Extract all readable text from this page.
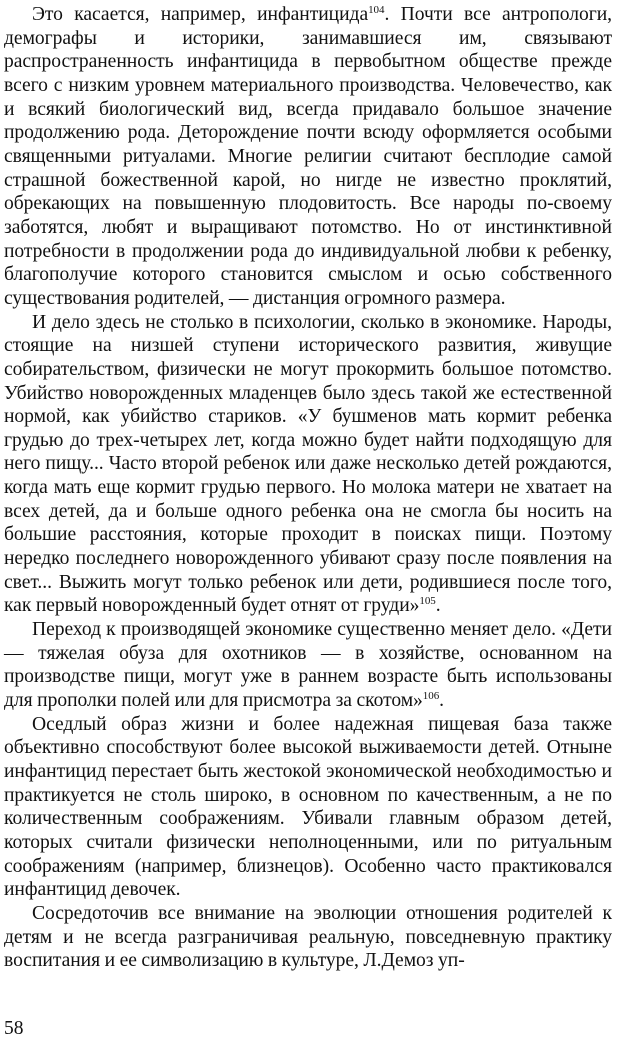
Это касается, например, инфантицида$^{104}$. Почти все антропологи, демографы и историки, занимавшиеся им, связывают распространенность инфантицида в первобытном обществе прежде всего с низким уровнем материального производства. Человечество, как и всякий биологический вид, всегда придавало большое значение продолжению рода. Деторождение почти всюду оформляется особыми священными ритуалами. Многие религии считают бесплодие самой страшной божественной карой, но нигде не известно проклятий, обрекающих на повышенную плодовитость. Все народы по-своему заботятся, любят и выращивают потомство. Но от инстинктивной потребности в продолжении рода до индивидуальной любви к ребенку, благополучие которого становится смыслом и осью собственного существования родителей, — дистанция огромного размера.

И дело здесь не столько в психологии, сколько в экономике. Народы, стоящие на низшей ступени исторического развития, живущие собирательством, физически не могут прокормить большое потомство. Убийство новорожденных младенцев было здесь такой же естественной нормой, как убийство стариков. «У бушменов мать кормит ребенка грудью до трех-четырех лет, когда можно будет найти подходящую для него пищу... Часто второй ребенок или даже несколько детей рождаются, когда мать еще кормит грудью первого. Но молока матери не хватает на всех детей, да и больше одного ребенка она не смогла бы носить на большие расстояния, которые проходит в поисках пищи. Поэтому нередко последнего новорожденного убивают сразу после появления на свет... Выжить могут только ребенок или дети, родившиеся после того, как первый новорожденный будет отнят от груди»$^{105}$.

Переход к производящей экономике существенно меняет дело. «Дети — тяжелая обуза для охотников — в хозяйстве, основанном на производстве пищи, могут уже в раннем возрасте быть использованы для прополки полей или для присмотра за скотом»$^{106}$.

Оседлый образ жизни и более надежная пищевая база также объективно способствуют более высокой выживаемости детей. Отныне инфантицид перестает быть жестокой экономической необходимостью и практикуется не столь широко, в основном по качественным, а не по количественным соображениям. Убивали главным образом детей, которых считали физически неполноценными, или по ритуальным соображениям (например, близнецов). Особенно часто практиковался инфантицид девочек.

Сосредоточив все внимание на эволюции отношения родителей к детям и не всегда разграничивая реальную, повседневную практику воспитания и ее символизацию в культуре, Л.Демоз уп-

58
